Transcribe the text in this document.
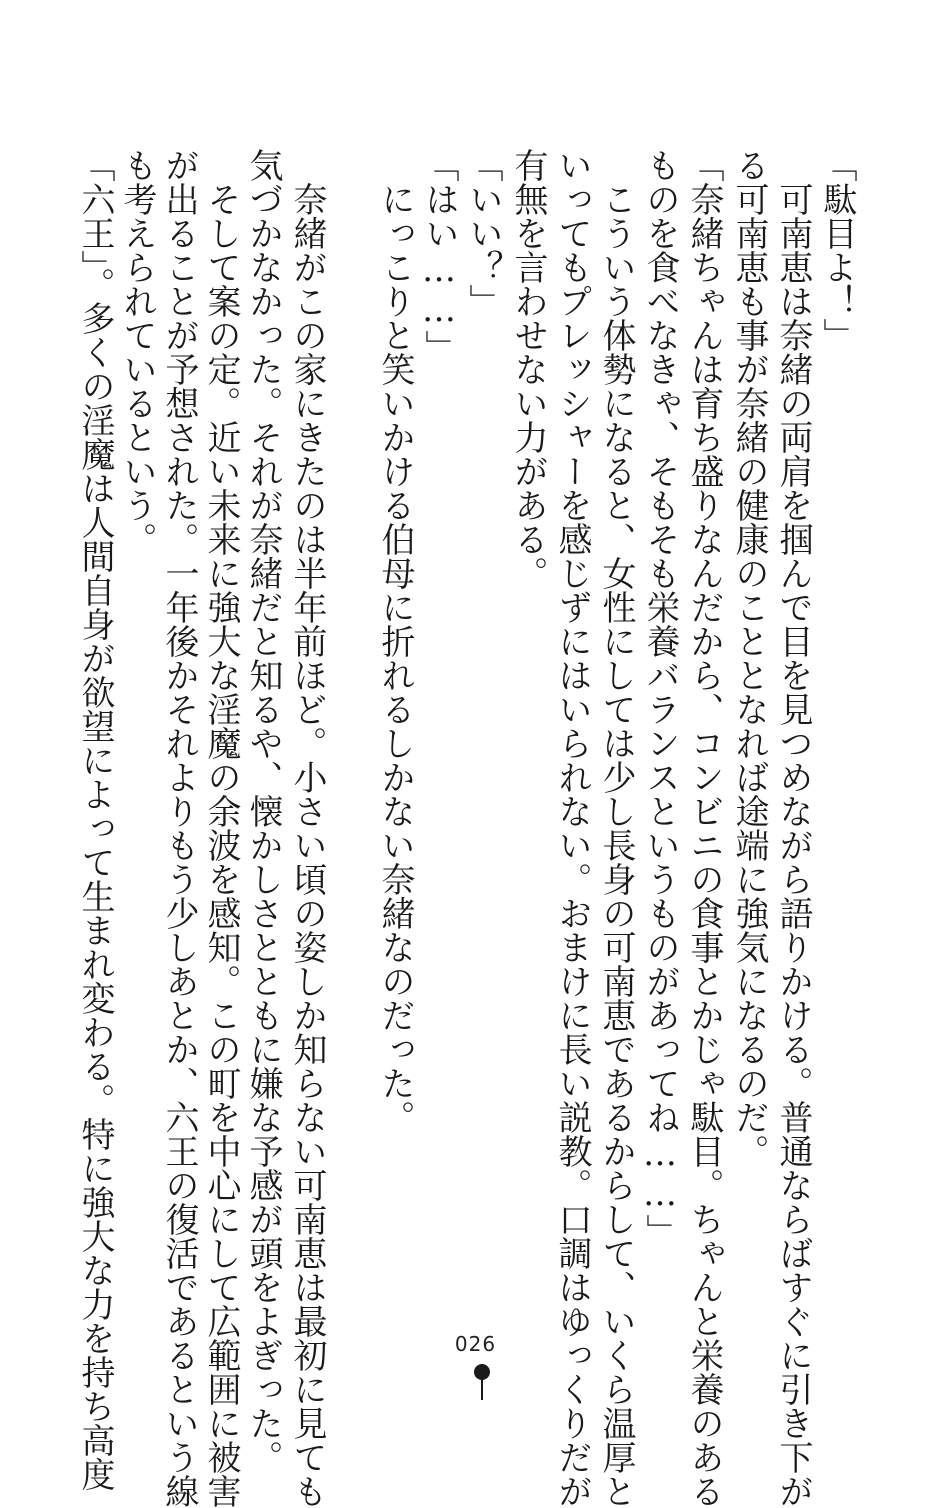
「駄目よ！」
　可南恵は奈緒の両肩を掴んで目を見つめながら語りかける。普通ならばすぐに引き下が
る可南恵も事が奈緒の健康のこととなれば途端に強気になるのだ。
「奈緒ちゃんは育ち盛りなんだから、コンビニの食事とかじゃ駄目。ちゃんと栄養のある
ものを食べなきゃ、そもそも栄養バランスというものがあってね……」
　こういう体勢になると、女性にしては少し長身の可南恵であるからして、いくら温厚と
いってもプレッシャーを感じずにはいられない。おまけに長い説教。口調はゆっくりだが
有無を言わせない力がある。
「いい？」
「はい……」
　にっこりと笑いかける伯母に折れるしかない奈緒なのだった。
　奈緒がこの家にきたのは半年前ほど。小さい頃の姿しか知らない可南恵は最初に見ても
気づかなかった。それが奈緒だと知るや、懐かしさとともに嫌な予感が頭をよぎった。
　そして案の定。近い未来に強大な淫魔の余波を感知。この町を中心にして広範囲に被害
が出ることが予想された。一年後かそれよりもう少しあとか、六王の復活であるという線
も考えられているという。
「六王」。多くの淫魔は人間自身が欲望によって生まれ変わる。特に強大な力を持ち高度	026
